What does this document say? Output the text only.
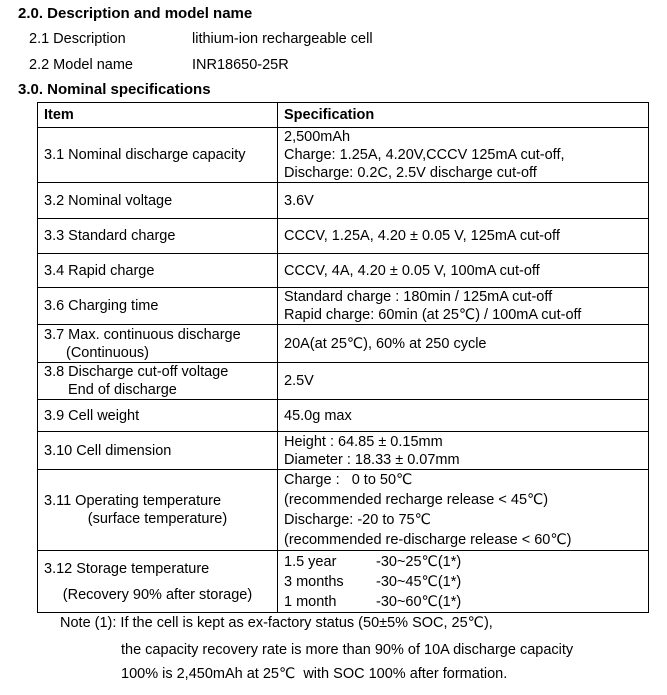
2.0. Description and model name
2.1 Description	lithium-ion rechargeable cell
2.2 Model name	INR18650-25R
3.0. Nominal specifications
Item	Specification
3.1 Nominal discharge capacity	2,500mAh
Charge: 1.25A, 4.20V,CCCV 125mA cut-off,
Discharge: 0.2C, 2.5V discharge cut-off

3.2 Nominal voltage	3.6V
3.3 Standard charge	CCCV, 1.25A, 4.20 ± 0.05 V, 125mA cut-off
3.4 Rapid charge	CCCV, 4A, 4.20 ± 0.05 V, 100mA cut-off
3.6 Charging time	Standard charge : 180min / 125mA cut-off
Rapid charge: 60min (at 25℃) / 100mA cut-off

3.7 Max. continuous discharge
(Continuous)	20A(at 25℃), 60% at 250 cycle

3.8 Discharge cut-off voltage
End of discharge	2.5V
3.9 Cell weight	45.0g max
3.10 Cell dimension	Height : 64.85 ± 0.15mm
Diameter : 18.33 ± 0.07mm

3.11 Operating temperature
(surface temperature)	Charge :   0 to 50℃
(recommended recharge release < 45℃)
Discharge: -20 to 75℃
(recommended re-discharge release < 60℃)

3.12 Storage temperature
(Recovery 90% after storage)	1.5 year -30~25℃(1*)
3 months -30~45℃(1*)
1 month -30~60℃(1*)
Note (1): If the cell is kept as ex-factory status (50±5% SOC, 25℃),
the capacity recovery rate is more than 90% of 10A discharge capacity
100% is 2,450mAh at 25℃  with SOC 100% after formation.
